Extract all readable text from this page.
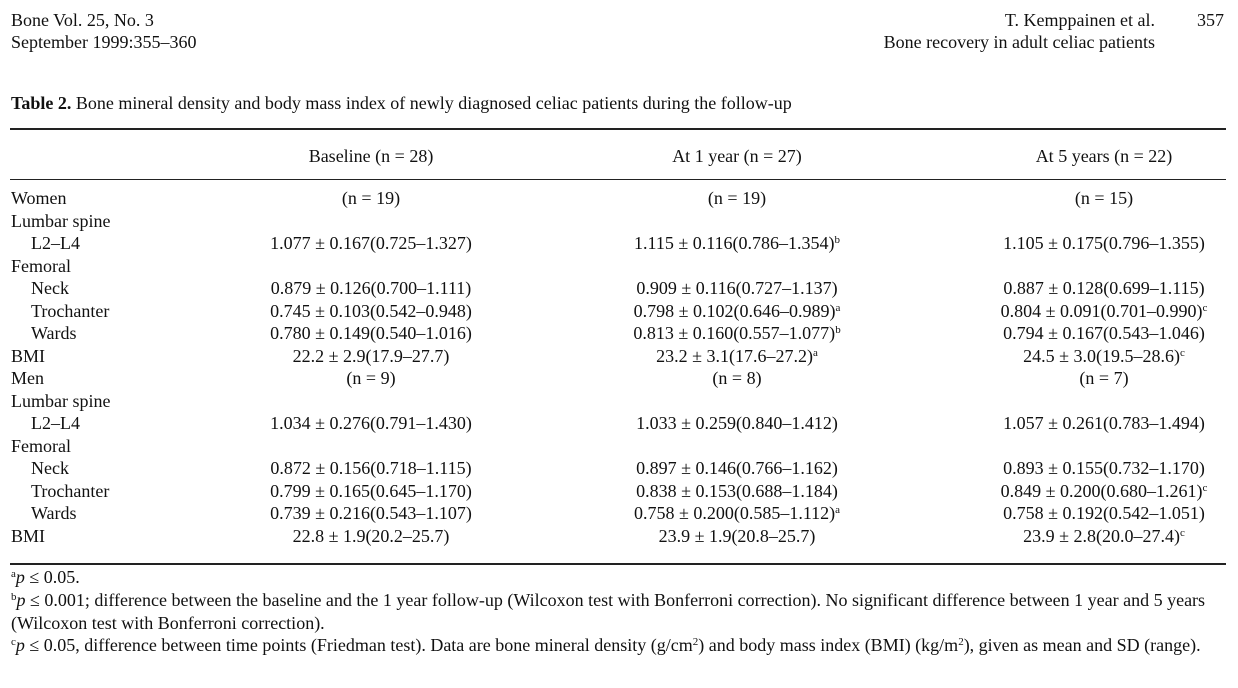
Bone Vol. 25, No. 3
September 1999:355–360
T. Kemppainen et al.
Bone recovery in adult celiac patients
357
Table 2. Bone mineral density and body mass index of newly diagnosed celiac patients during the follow-up
Baseline (n = 28)	At 1 year (n = 27)	At 5 years (n = 22)
Women	(n = 19)	(n = 19)	(n = 15)
Lumbar spine
L2–L4	1.077 ± 0.167(0.725–1.327)	$1.115 \pm 0.116(0.786-1.354)^b$	1.105 ± 0.175(0.796–1.355)
Femoral
Neck	0.879 ± 0.126(0.700–1.111)	0.909 ± 0.116(0.727–1.137)	0.887 ± 0.128(0.699–1.115)
Trochanter	0.745 ± 0.103(0.542–0.948)	$0.798 \pm 0.102(0.646-0.989)^a$	$0.804 \pm 0.091(0.701-0.990)^c$
Wards	0.780 ± 0.149(0.540–1.016)	$0.813 \pm 0.160(0.557-1.077)^b$	0.794 ± 0.167(0.543–1.046)
BMI	22.2 ± 2.9(17.9–27.7)	$23.2 \pm 3.1(17.6-27.2)^a$	$24.5 \pm 3.0(19.5-28.6)^c$
Men	(n = 9)	(n = 8)	(n = 7)
Lumbar spine
L2–L4	1.034 ± 0.276(0.791–1.430)	1.033 ± 0.259(0.840–1.412)	1.057 ± 0.261(0.783–1.494)
Femoral
Neck	0.872 ± 0.156(0.718–1.115)	0.897 ± 0.146(0.766–1.162)	0.893 ± 0.155(0.732–1.170)
Trochanter	0.799 ± 0.165(0.645–1.170)	0.838 ± 0.153(0.688–1.184)	$0.849 \pm 0.200(0.680-1.261)^c$
Wards	0.739 ± 0.216(0.543–1.107)	$0.758 \pm 0.200(0.585-1.112)^a$	0.758 ± 0.192(0.542–1.051)
BMI	22.8 ± 1.9(20.2–25.7)	23.9 ± 1.9(20.8–25.7)	$23.9 \pm 2.8(20.0-27.4)^c$
$^a$p ≤ 0.05.
$^b$p ≤ 0.001; difference between the baseline and the 1 year follow-up (Wilcoxon test with Bonferroni correction). No significant difference between 1 year and 5 years (Wilcoxon test with Bonferroni correction).
$^c$p ≤ 0.05, difference between time points (Friedman test). Data are bone mineral density $(g/cm^2)$ and body mass index (BMI) $(kg/m^2)$, given as mean and SD (range).
